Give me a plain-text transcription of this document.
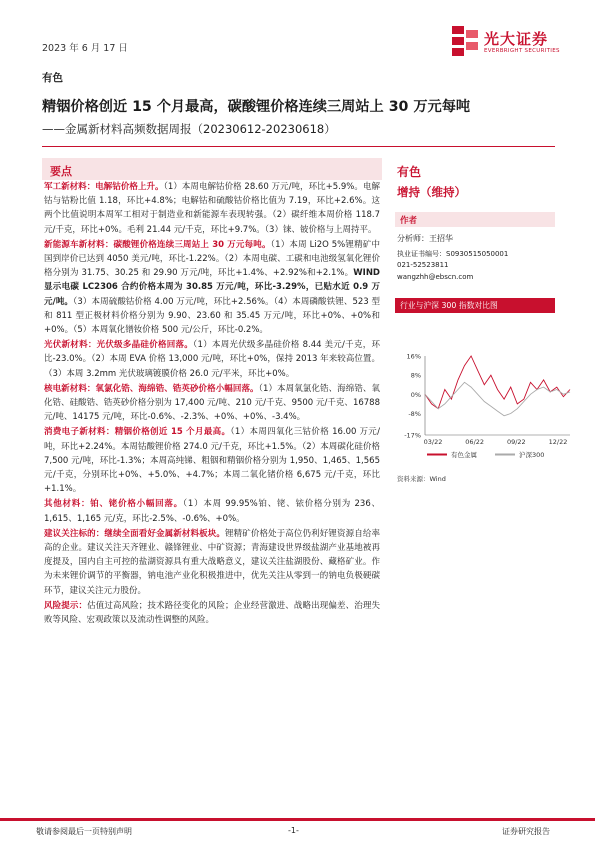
2023 年 6 月 17 日
光大证券
EVERBRIGHT SECURITIES
有色
精铟价格创近 15 个月最高，碳酸锂价格连续三周站上 30 万元每吨
——金属新材料高频数据周报（20230612-20230618）
要点

军工新材料：电解钴价格上升。（1）本周电解钴价格 28.60 万元/吨，环比+5.9%。电解钴与钴粉比值 1.18，环比+4.8%；电解钴和硫酸钴价格比值为 7.19，环比+2.6%。这两个比值说明本周军工相对于制造业和新能源车表现转强。（2）碳纤维本周价格 118.7 元/千克，环比+0%。毛利 21.44 元/千克，环比+9.7%。（3）铼、铍价格与上周持平。

新能源车新材料：碳酸锂价格连续三周站上 30 万元每吨。（1）本周 Li2O 5%锂精矿中国到岸价已达到 4050 美元/吨，环比-1.22%。（2）本周电碳、工碳和电池级氢氧化锂价格分别为 31.75、30.25 和 29.90 万元/吨，环比+1.4%、+2.92%和+2.1%。WIND 显示电碳 LC2306 合约价格本周为 30.85 万元/吨，环比-3.29%，已贴水近 0.9 万元/吨。（3）本周硫酸钴价格 4.00 万元/吨，环比+2.56%。（4）本周磷酸铁锂、523 型和 811 型正极材料价格分别为 9.90、23.60 和 35.45 万元/吨，环比+0%、+0%和+0%。（5）本周氧化镨钕价格 500 元/公斤，环比-0.2%。

光伏新材料：光伏级多晶硅价格回落。（1）本周光伏级多晶硅价格 8.44 美元/千克，环比-23.0%。（2）本周 EVA 价格 13,000 元/吨，环比+0%，保持 2013 年来较高位置。（3）本周 3.2mm 光伏玻璃镀膜价格 26.0 元/平米，环比+0%。

核电新材料：氧氯化锆、海绵锆、锆英砂价格小幅回落。（1）本周氧氯化锆、海绵锆、氧化锆、硅酸锆、锆英砂价格分别为 17,400 元/吨、210 元/千克、9500 元/千克、16788 元/吨、14175 元/吨，环比-0.6%、-2.3%、+0%、+0%、-3.4%。

消费电子新材料：精铟价格创近 15 个月最高。（1）本周四氧化三钴价格 16.00 万元/吨，环比+2.24%。本周钴酸锂价格 274.0 元/千克，环比+1.5%。（2）本周碳化硅价格 7,500 元/吨，环比-1.3%；本周高纯锑、粗铟和精铟价格分别为 1,950、1,465、1,565 元/千克，分别环比+0%、+5.0%、+4.7%；本周二氧化锗价格 6,675 元/千克，环比+1.1%。

其他材料：铂、铑价格小幅回落。（1）本周 99.95%铂、铑、铱价格分别为 236、1,615、1,165 元/克，环比-2.5%、-0.6%、+0%。

建议关注标的：继续全面看好金属新材料板块。锂精矿价格处于高位仍利好锂资源自给率高的企业。建议关注天齐锂业、赣锋锂业、中矿资源；青海建设世界级盐湖产业基地被再度提及，国内自主可控的盐湖资源具有重大战略意义，建议关注盐湖股份、藏格矿业。作为未来锂价调节的平衡器，钠电池产业化积极推进中，优先关注从零到一的钠电负极硬碳环节，建议关注元力股份。

风险提示：估值过高风险；技术路径变化的风险；企业经营激进、战略出现偏差、治理失败等风险、宏观政策以及流动性调整的风险。

有色
增持（维持）
作者
分析师：王招华
执业证书编号：S0930515050001
021-52523811
wangzhh@ebscn.com
行业与沪深 300 指数对比图
16%
8%
0%
-8%
-17%
03/22	06/22	09/22	12/22
有色金属	沪深300
资料来源：Wind
敬请参阅最后一页特别声明	-1-	证券研究报告
